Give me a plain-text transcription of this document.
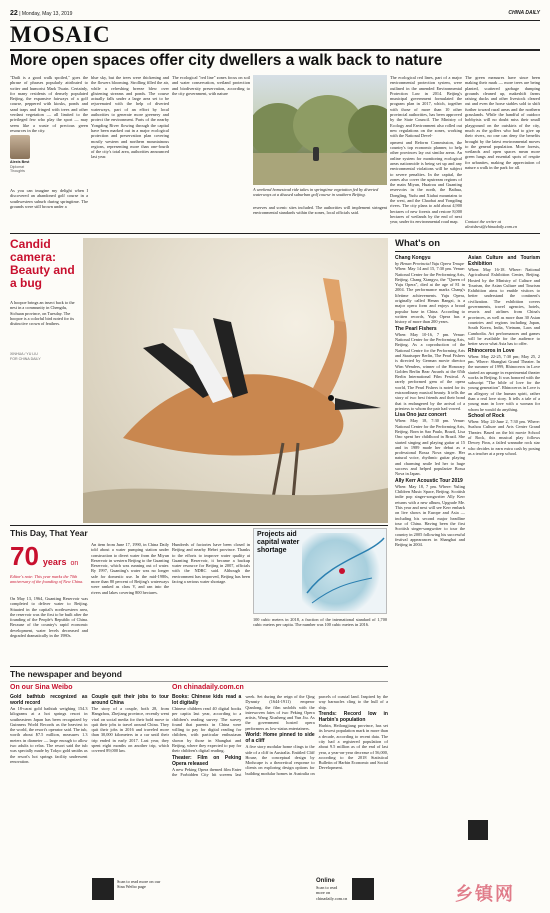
22 | Monday, May 13, 2019	CHINA DAILY
MOSAIC
More open spaces offer city dwellers a walk back to nature

"Daili is a good walk spoiled," goes the phrase of phrases popularly attributed to writer and humorist Mark Twain. Certainly, for many residents of densely populated Beijing, the expansive fairways of a golf course, peppered with kiosks, ponds and sand traps and fringed with trees and other verdant vegetation — all limited to the privileged few who play the sport — may seem like a waste of precious green resources in the city.

Alexis Best
Diplomat Thoughts

As you can imagine my delight when I discovered an abandoned golf course in a southwestern suburb during springtime. The grounds were still brown under a

blue sky, but the trees were thickening and the flowers blooming. Strolling filled the air, while a refreshing breeze blew over glistening streams and ponds. The course actually falls under a large area set to be rejuvenated with the help of diverted waterways, part of an effort by local authorities to generate more greenery and protect the environment. Parts of the nearby Yongding River flowing through the capital have been marked out in a major ecological protection and preservation plan covering mostly western and northern mountainous regions, representing more than one-fourth of the city's total area, authorities announced last year.

The ecological "red line" zones focus on soil and water conservation, wetland protection and biodiversity preservation, according to the city government, with nature

A weekend homestead ride takes in springtime vegetation fed by diverted waterways at a disused suburban golf course in southern Beijing.

reserves and scenic sites included. The authorities will implement stringent environmental standards within the zones, local officials said.

The ecological red lines, part of a major environmental protection system, were outlined in the amended Environmental Protection Law in 2014. Beijing's municipal government formulated the program plan in 2017, which, together with those of more than 10 other provincial authorities, has been approved by the State Council. The Ministry of Ecology and Environment also rolled out new regulations on the zones, working with the National Devel-

opment and Reform Commission, the country's top economic planner, to help other provinces lay out similar areas. An online system for monitoring ecological areas nationwide is being set up and any environmental violations will be subject to severe penalties. In the capital, the zones also cover the upstream regions of the main Miyun, Huairou and Guanting reservoirs in the north, the Baihua, Dongling, Yudu and Xiahai mountains to the west, and the Chaobai and Yongding rivers. The city plans to add about 4,900 hectares of new forests and restore 8,000 hectares of wetlands by the end of next year, under its environmental road map.

The green measures have since been making their mark — more trees are being planted, scattered garbage dumping grounds cleaned up, makeshift farms raising ducks and other livestock cleared out and even the horse stables sold to shift further toward rural areas and the northern grasslands. While the handful of outdoor hobbyists will no doubt miss their small playground on the outskirts of the city, much as the golfers who had to give up their rivers, no one can deny the benefits brought by the latest environmental moves to the general population. More forests, wetlands and open spaces mean more green lungs and essential spots of respite for urbanites, making the appreciation of nature a walk in the park for all.

Contact the writer at alexisbest@chinadaily.com.cn
Candid camera: Beauty and a bug
A hoopoe brings an insect back to the nest in a community in Chengdu, Sichuan province, on Tuesday. The hoopoe is a colorful bird noted for its distinctive crown of feathers.
XINHUA / YU LIU
FOR CHINA DAILY
What's on
Chang Kongyu
by Henan Provincial Yuju Opera Troupe

When: May 14 and 15, 7:30 pm. Venue: National Center for the Performing Arts, Beijing. Chang Xiangyu, the "Queen of Yuju Opera", died at the age of 81 in 2004. The performance marks Chang's lifetime achievements. Yuju Opera, originally called Henan Bangzi, is a major opera form and enjoys a broad popular base in China. According to written records, Yuju Opera has a history of more than 200 years.

The Pearl Fishers

When: May 10-16, 7 pm. Venue: National Center for the Performing Arts, Beijing. As a coproduction of the National Centre for the Performing Arts and Staatsoper Berlin, The Pearl Fishers is directed by German movie director Wim Wenders, winner of the Honorary Golden Berlin Bear Awards at the 65th Berlin International Film Festival. A rarely performed gem of the opera world, The Pearl Fishers is noted for its extraordinary musical beauty. It tells the story of two best friends and their bond that is endangered by the arrival of a priestess to whom the pair had vowed.

Lisa Ono jazz concert

When: May 18, 7:30 pm. Venue: National Center for the Performing Arts, Beijing. Born in Sao Paulo, Brazil, Lisa Ono spent her childhood in Brazil. She started singing and playing guitar at 15 and in 1989 made her debut as a professional Bossa Nova singer. Her natural voice, rhythmic guitar playing and charming smile led her to huge success and helped popularize Bossa Nova in Japan.

Ally Kerr Acoustic Tour 2019

When: May 18, 7 pm. Where: Yuling Children Music Space, Beijing. Scottish indie pop singer-songwriter Ally Kerr returns with a new album, Upgrade Me. This year and next will see Kerr embark on live shows in Europe and Asia — including his second major headline tour of China. Having been the first Scottish singer-songwriter to tour the country in 2005 following his successful festival appearances in Shanghai and Beijing in 2004.

Asian Culture and Tourism Exhibition

When: May 16-18. Where: National Agricultural Exhibition Center, Beijing. Hosted by the Ministry of Culture and Tourism, the Asian Culture and Tourism Exhibition aims to enable visitors to better understand the continent's civilization. The exhibition covers governments, travel agencies, hotels, resorts and airlines from China's provinces, as well as more than 30 Asian countries and regions including Japan, South Korea, India, Vietnam, Laos and Cambodia. Art performances and games will be available for the audience to better savor what Asia has to offer.

Rhinoceros in Love

When: May 22-25, 7:30 pm; May 25, 2 pm. Where: Shanghai Grand Theater. In the summer of 1999, Rhinoceros in Love started an upsurge in experimental theater works in Beijing. It was honored with the subscript "The bible of love for the young generation". Rhinoceros in Love is an allegory of the human spirit, rather than a real love story. It tells a tale of a young man in love with a woman for whom he would do anything.

School of Rock

When: May 24-June 2, 7:30 pm. Where: Suzhou Culture and Arts Center Grand Theater. Based on the hit movie School of Rock, this musical play follows Dewey Finn, a failed wannabe rock star who decides to earn extra cash by posing as a teacher at a prep school.

This Day, That Year
70 years on
Editor's note: This year marks the 70th anniversary of the founding of New China.

On May 13, 1964, Guanting Reservoir was completed to deliver water to Beijing. Situated in the capital's northwestern area, the reservoir was the first to be built after the founding of the People's Republic of China. Because of the country's rapid economic development, water levels decreased and degraded dramatically in the 1980s.

An item from June 17, 1990, in China Daily told about a water pumping station under construction to divert water from the Miyun Reservoir in western Beijing to the Guanting Reservoir, which was running out of water. By 1997, Guanting's water was no longer safe for domestic use. In the mid-1980s, more than 80 percent of Beijing's waterways were ranked as class V, and ran into the rivers and lakes covering 800 hectares.

Hundreds of factories have been closed in Beijing and nearby Hebei province. Thanks to the efforts to improve water quality at Guanting Reservoir, it became a backup water resource for Beijing in 2007, officials with the NDRC said. Although the environment has improved, Beijing has been facing a serious water shortage.

Projects aid capital water shortage

100 cubic meters in 2018, a fraction of the international standard of 1,700 cubic meters per capita. The number was 100 cubic meters in 2016.

The newspaper and beyond
On our Sina Weibo
Gold bathtub recognized as world record

An 18-carat gold bathtub weighing 154.3 kilograms at a hot springs resort in southeastern Japan has been recognized by Guinness World Records as the heaviest in the world, the resort's operator said. The tub, worth about $7.5 million, measures 1.3 meters in diameter — large enough to allow two adults to relax. The resort said the tub was specially made by Tokyo gold smiths as the resort's hot springs facility underwent renovation.

Couple quit their jobs to tour around China

The story of a couple, both 28, from Hangzhou, Zhejiang province, recently went viral on social media for their bold move to quit their jobs to travel around China. They quit their jobs in 2016 and traveled more than 30,000 kilometers in a car until their trip ended in early 2017. Last year, they spent eight months on another trip, which covered 89,000 km.

Scan to read more on our Sina Weibo page
On chinadaily.com.cn
Books: Chinese kids read a lot digitally

Chinese children read 40 digital books per capita last year, according to a children's reading survey. The survey found that parents in China were willing to pay for digital reading for children, with particular enthusiasm shown by those in Shanghai and Beijing, where they expected to pay for their children's digital reading.

Theater: Film on Peking Opera released

A new Peking Opera themed film Enter the Forbidden City hit screens last week. Set during the reign of the Qing Dynasty (1644-1911) emperor Qianlong, the film unfolds with the interwoven fates of two Peking Opera artists, Wang Xiusheng and Yun Jiu. As the government hosted opera performers as low-status entertainers.

World: Home pinned to side of a cliff

A five story modular home clings to the side of a cliff in Australia. Entitled Cliff House, the conceptual design by Modscape is a theoretical response to clients on exploring design options for building modular homes in Australia on parcels of coastal land. Inspired by the way barnacles cling to the hull of a ship.

Trends: Record low in Harbin's population

Harbin, Heilongjiang province, has set its lowest population mark in more than a decade, according to recent data. The city had a registered population of about 9.5 million as of the end of last year, a year-on-year decrease of 56,000, according to the 2018 Statistical Bulletin of Harbin Economic and Social Development.

Online
Scan to read more on chinadaily.com.cn	乡镇网
